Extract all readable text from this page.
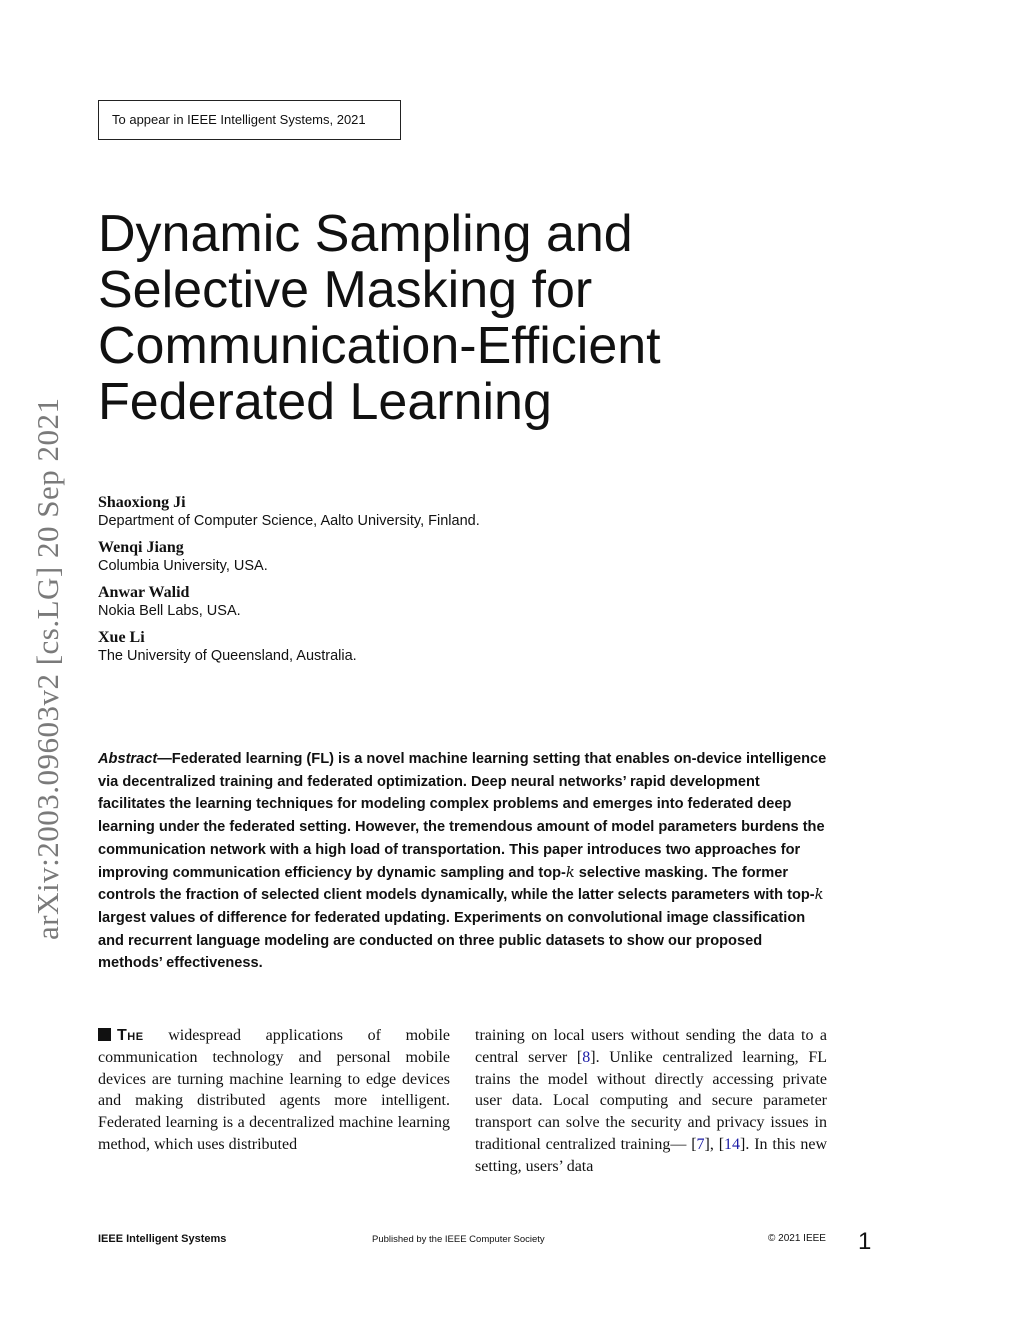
To appear in IEEE Intelligent Systems, 2021
arXiv:2003.09603v2 [cs.LG] 20 Sep 2021
Dynamic Sampling and
Selective Masking for
Communication-Efficient
Federated Learning
Shaoxiong Ji
Department of Computer Science, Aalto University, Finland.
Wenqi Jiang
Columbia University, USA.
Anwar Walid
Nokia Bell Labs, USA.
Xue Li
The University of Queensland, Australia.

Abstract—Federated learning (FL) is a novel machine learning setting that enables on-device intelligence via decentralized training and federated optimization. Deep neural networks’ rapid development facilitates the learning techniques for modeling complex problems and emerges into federated deep learning under the federated setting. However, the tremendous amount of model parameters burdens the communication network with a high load of transportation. This paper introduces two approaches for improving communication efficiency by dynamic sampling and top-k selective masking. The former controls the fraction of selected client models dynamically, while the latter selects parameters with top-k largest values of difference for federated updating. Experiments on convolutional image classification and recurrent language modeling are conducted on three public datasets to show our proposed methods’ effectiveness.

The widespread applications of mobile communication technology and personal mobile devices are turning machine learning to edge devices and making distributed agents more intelligent. Federated learning is a decentralized machine learning method, which uses distributed

training on local users without sending the data to a central server [8]. Unlike centralized learning, FL trains the model without directly accessing private user data. Local computing and secure parameter transport can solve the security and privacy issues in traditional centralized training— [7], [14]. In this new setting, users’ data

IEEE Intelligent Systems	Published by the IEEE Computer Society	© 2021 IEEE 1
